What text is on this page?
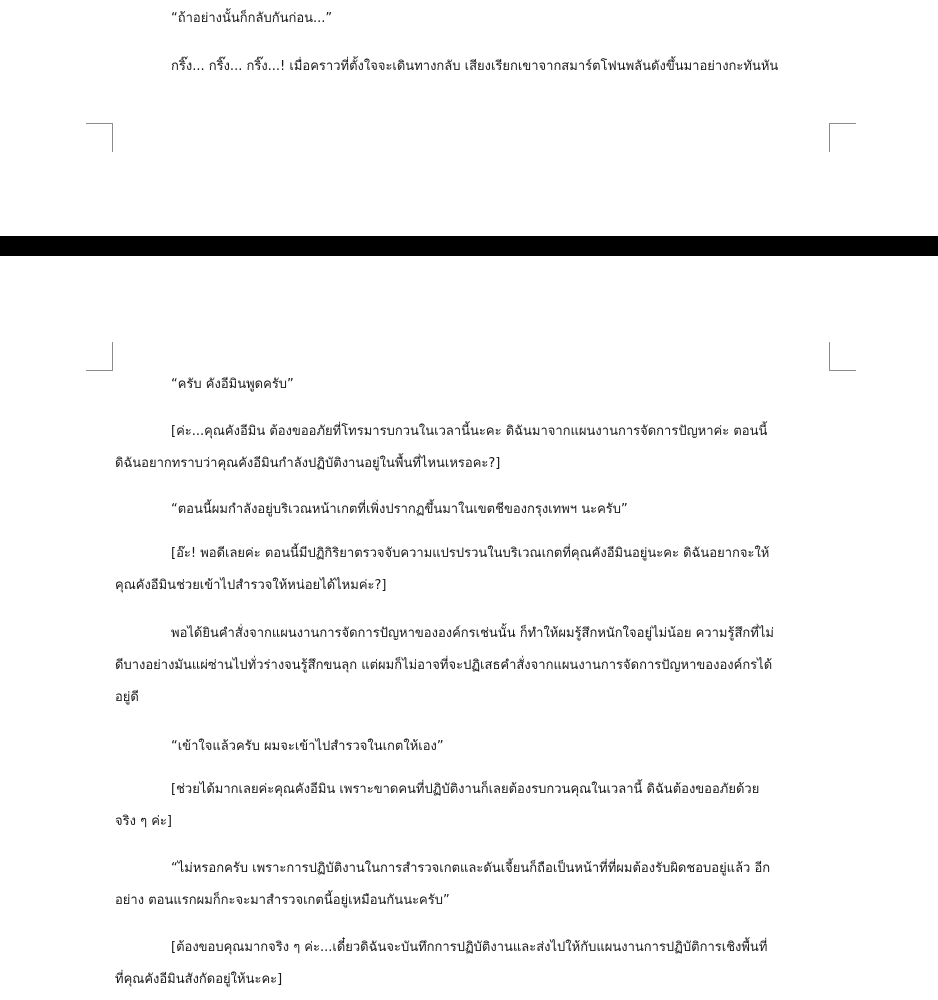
“ถ้าอย่างนั้นก็กลับกันก่อน...”

กริ๊ง... กริ๊ง... กริ๊ง...! เมื่อคราวที่ตั้งใจจะเดินทางกลับ เสียงเรียกเขาจากสมาร์ตโฟนพลันดังขึ้นมาอย่างกะทันหัน

“ครับ คังอีมินพูดครับ”

[ค่ะ...คุณคังอีมิน ต้องขออภัยที่โทรมารบกวนในเวลานี้นะคะ ดิฉันมาจากแผนงานการจัดการปัญหาค่ะ ตอนนี้
ดิฉันอยากทราบว่าคุณคังอีมินกำลังปฏิบัติงานอยู่ในพื้นที่ไหนเหรอคะ?]

“ตอนนี้ผมกำลังอยู่บริเวณหน้าเกตที่เพิ่งปรากฏขึ้นมาในเขตชีของกรุงเทพฯ นะครับ”

[อ๊ะ! พอดีเลยค่ะ ตอนนี้มีปฏิกิริยาตรวจจับความแปรปรวนในบริเวณเกตที่คุณคังอีมินอยู่นะคะ ดิฉันอยากจะให้
คุณคังอีมินช่วยเข้าไปสำรวจให้หน่อยได้ไหมค่ะ?]

พอได้ยินคำสั่งจากแผนงานการจัดการปัญหาขององค์กรเช่นนั้น ก็ทำให้ผมรู้สึกหนักใจอยู่ไม่น้อย ความรู้สึกที่ไม่
ดีบางอย่างมันแผ่ซ่านไปทั่วร่างจนรู้สึกขนลุก แต่ผมก็ไม่อาจที่จะปฏิเสธคำสั่งจากแผนงานการจัดการปัญหาขององค์กรได้
อยู่ดี

“เข้าใจแล้วครับ ผมจะเข้าไปสำรวจในเกตให้เอง”

[ช่วยได้มากเลยค่ะคุณคังอีมิน เพราะขาดคนที่ปฏิบัติงานก็เลยต้องรบกวนคุณในเวลานี้ ดิฉันต้องขออภัยด้วย
จริง ๆ ค่ะ]

“ไม่หรอกครับ เพราะการปฏิบัติงานในการสำรวจเกตและดันเจี้ยนก็ถือเป็นหน้าที่ที่ผมต้องรับผิดชอบอยู่แล้ว อีก
อย่าง ตอนแรกผมก็กะจะมาสำรวจเกตนี้อยู่เหมือนกันนะครับ”

[ต้องขอบคุณมากจริง ๆ ค่ะ...เดี๋ยวดิฉันจะบันทึกการปฏิบัติงานและส่งไปให้กับแผนงานการปฏิบัติการเชิงพื้นที่
ที่คุณคังอีมินสังกัดอยู่ให้นะคะ]
